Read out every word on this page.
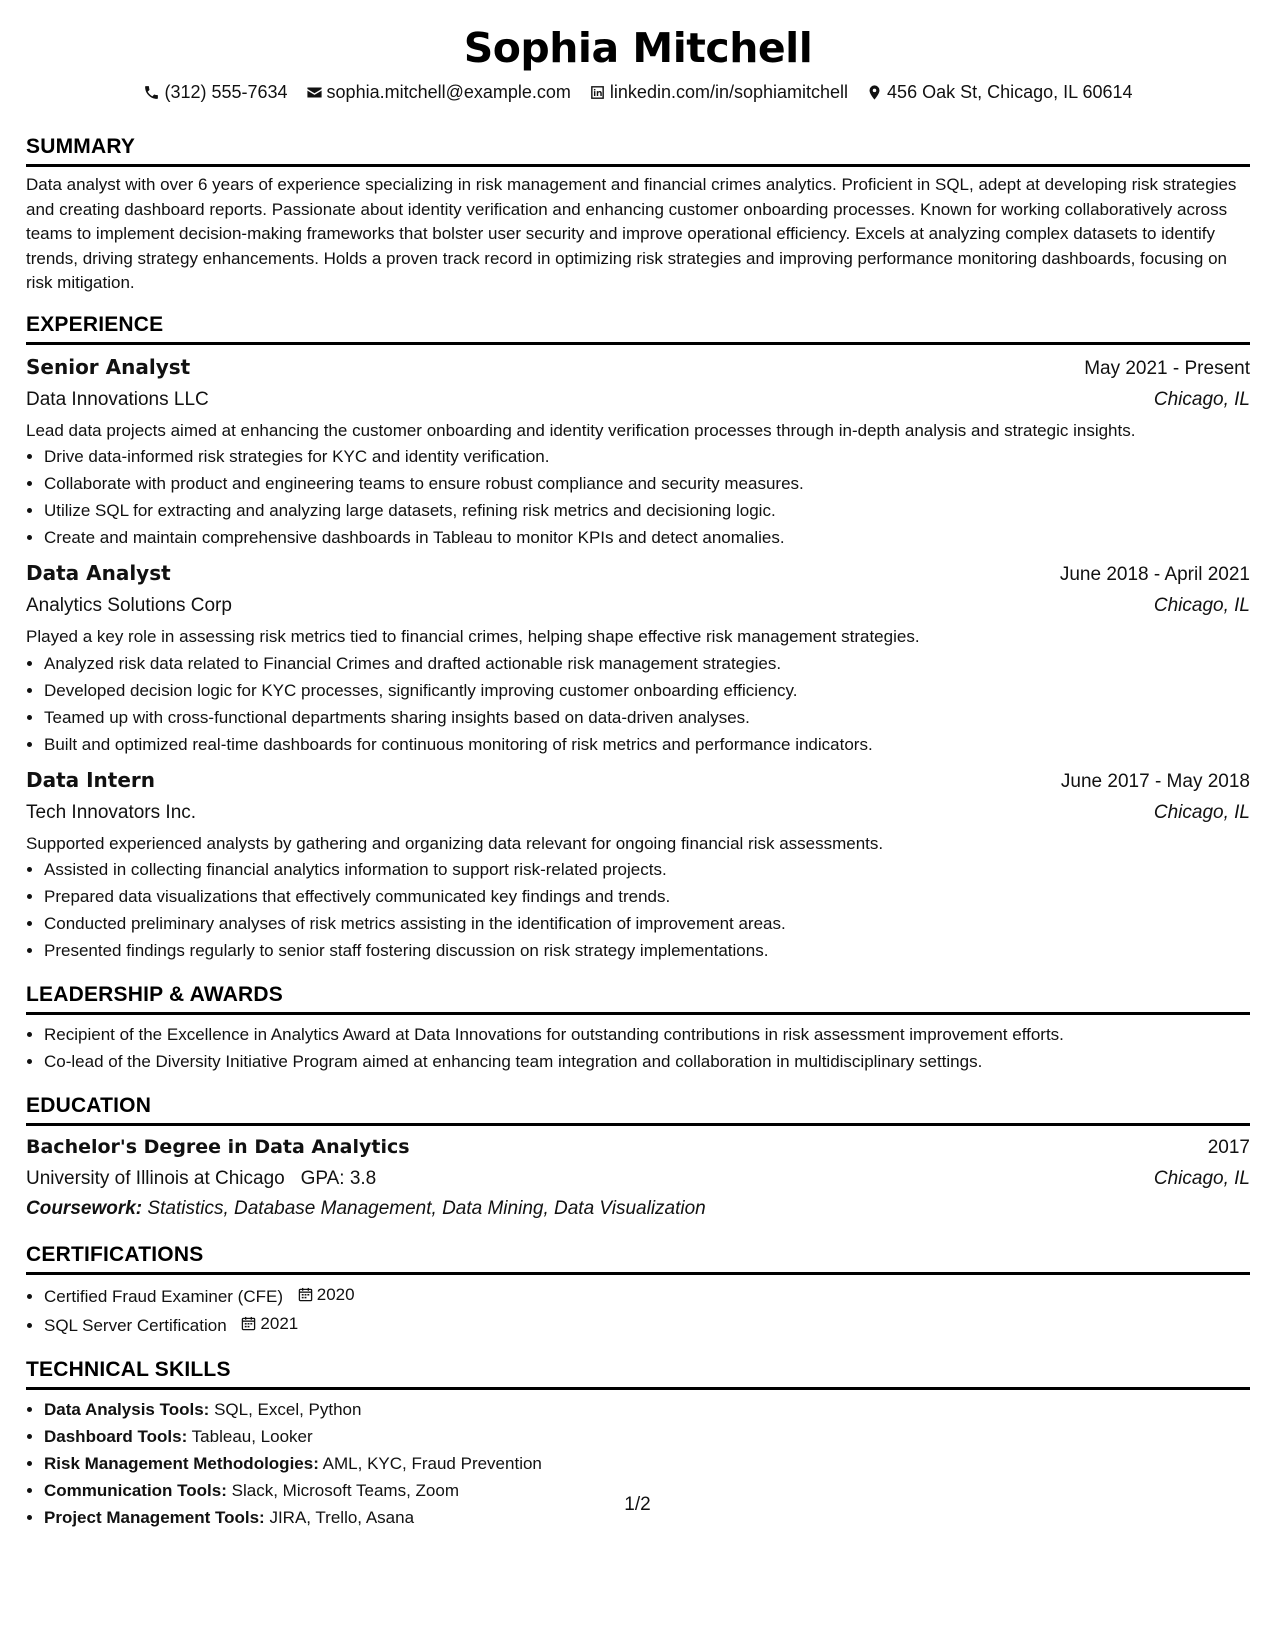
Sophia Mitchell
(312) 555-7634 sophia.mitchell@example.com linkedin.com/in/sophiamitchell 456 Oak St, Chicago, IL 60614
SUMMARY

Data analyst with over 6 years of experience specializing in risk management and financial crimes analytics. Proficient in SQL, adept at developing risk strategies and creating dashboard reports. Passionate about identity verification and enhancing customer onboarding processes. Known for working collaboratively across teams to implement decision-making frameworks that bolster user security and improve operational efficiency. Excels at analyzing complex datasets to identify trends, driving strategy enhancements. Holds a proven track record in optimizing risk strategies and improving performance monitoring dashboards, focusing on risk mitigation.

EXPERIENCE
Senior Analyst	May 2021 - Present
Data Innovations LLC	Chicago, IL

Lead data projects aimed at enhancing the customer onboarding and identity verification processes through in-depth analysis and strategic insights.

• Drive data-informed risk strategies for KYC and identity verification.
• Collaborate with product and engineering teams to ensure robust compliance and security measures.
• Utilize SQL for extracting and analyzing large datasets, refining risk metrics and decisioning logic.
• Create and maintain comprehensive dashboards in Tableau to monitor KPIs and detect anomalies.
Data Analyst	June 2018 - April 2021
Analytics Solutions Corp	Chicago, IL

Played a key role in assessing risk metrics tied to financial crimes, helping shape effective risk management strategies.

• Analyzed risk data related to Financial Crimes and drafted actionable risk management strategies.
• Developed decision logic for KYC processes, significantly improving customer onboarding efficiency.
• Teamed up with cross-functional departments sharing insights based on data-driven analyses.
• Built and optimized real-time dashboards for continuous monitoring of risk metrics and performance indicators.
Data Intern	June 2017 - May 2018
Tech Innovators Inc.	Chicago, IL

Supported experienced analysts by gathering and organizing data relevant for ongoing financial risk assessments.

• Assisted in collecting financial analytics information to support risk-related projects.
• Prepared data visualizations that effectively communicated key findings and trends.
• Conducted preliminary analyses of risk metrics assisting in the identification of improvement areas.
• Presented findings regularly to senior staff fostering discussion on risk strategy implementations.
LEADERSHIP & AWARDS
• Recipient of the Excellence in Analytics Award at Data Innovations for outstanding contributions in risk assessment improvement efforts.
• Co-lead of the Diversity Initiative Program aimed at enhancing team integration and collaboration in multidisciplinary settings.
EDUCATION
Bachelor's Degree in Data Analytics	2017
University of Illinois at Chicago GPA: 3.8	Chicago, IL
Coursework: Statistics, Database Management, Data Mining, Data Visualization
CERTIFICATIONS
• Certified Fraud Examiner (CFE) 2020
• SQL Server Certification 2021
TECHNICAL SKILLS
• Data Analysis Tools: SQL, Excel, Python
• Dashboard Tools: Tableau, Looker
• Risk Management Methodologies: AML, KYC, Fraud Prevention
• Communication Tools: Slack, Microsoft Teams, Zoom
• Project Management Tools: JIRA, Trello, Asana
1/2
